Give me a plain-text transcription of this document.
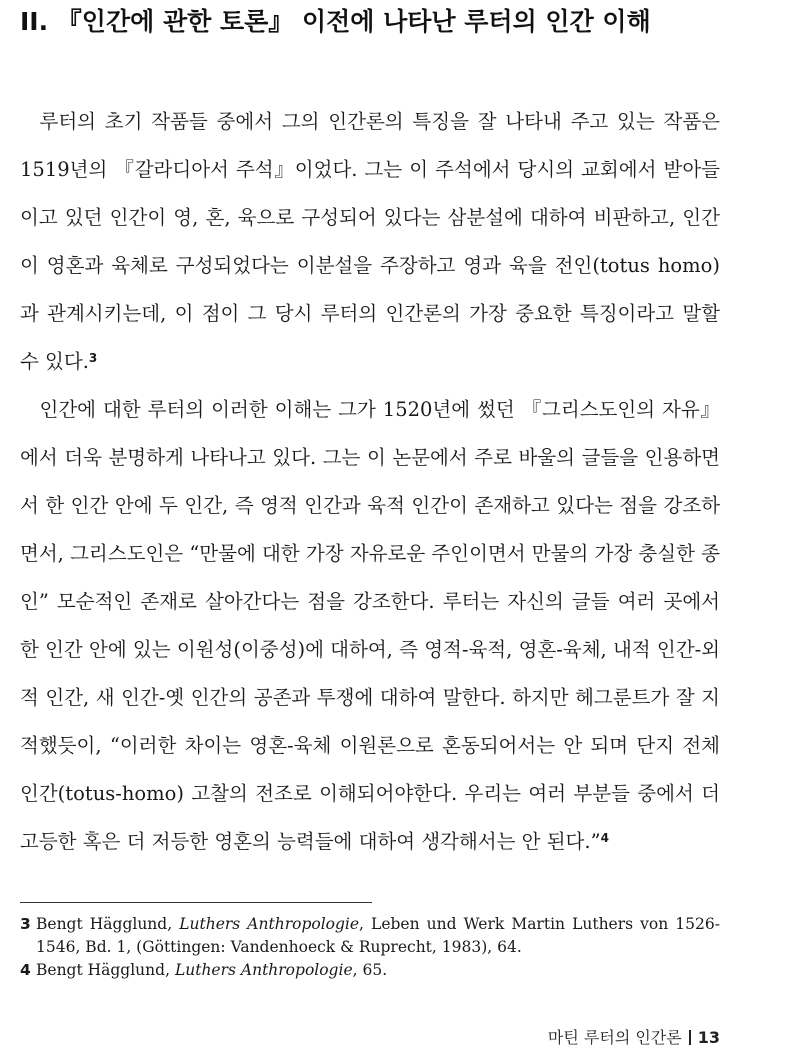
II. 『인간에 관한 토론』 이전에 나타난 루터의 인간 이해

루터의 초기 작품들 중에서 그의 인간론의 특징을 잘 나타내 주고 있는 작품은 1519년의 『갈라디아서 주석』이었다. 그는 이 주석에서 당시의 교회에서 받아들이고 있던 인간이 영, 혼, 육으로 구성되어 있다는 삼분설에 대하여 비판하고, 인간이 영혼과 육체로 구성되었다는 이분설을 주장하고 영과 육을 전인(totus homo)과 관계시키는데, 이 점이 그 당시 루터의 인간론의 가장 중요한 특징이라고 말할 수 있다.$^3$

인간에 대한 루터의 이러한 이해는 그가 1520년에 썼던 『그리스도인의 자유』에서 더욱 분명하게 나타나고 있다. 그는 이 논문에서 주로 바울의 글들을 인용하면서 한 인간 안에 두 인간, 즉 영적 인간과 육적 인간이 존재하고 있다는 점을 강조하면서, 그리스도인은 “만물에 대한 가장 자유로운 주인이면서 만물의 가장 충실한 종인” 모순적인 존재로 살아간다는 점을 강조한다. 루터는 자신의 글들 여러 곳에서 한 인간 안에 있는 이원성(이중성)에 대하여, 즉 영적-육적, 영혼-육체, 내적 인간-외적 인간, 새 인간-옛 인간의 공존과 투쟁에 대하여 말한다. 하지만 헤그룬트가 잘 지적했듯이, “이러한 차이는 영혼-육체 이원론으로 혼동되어서는 안 되며 단지 전체 인간(totus-homo) 고찰의 전조로 이해되어야한다. 우리는 여러 부분들 중에서 더 고등한 혹은 더 저등한 영혼의 능력들에 대하여 생각해서는 안 된다.”$^4$

3 Bengt Hägglund, Luthers Anthropologie, Leben und Werk Martin Luthers von 1526-1546, Bd. 1, (Göttingen: Vandenhoeck & Ruprecht, 1983), 64.
4 Bengt Hägglund, Luthers Anthropologie, 65.
마틴 루터의 인간론 13
